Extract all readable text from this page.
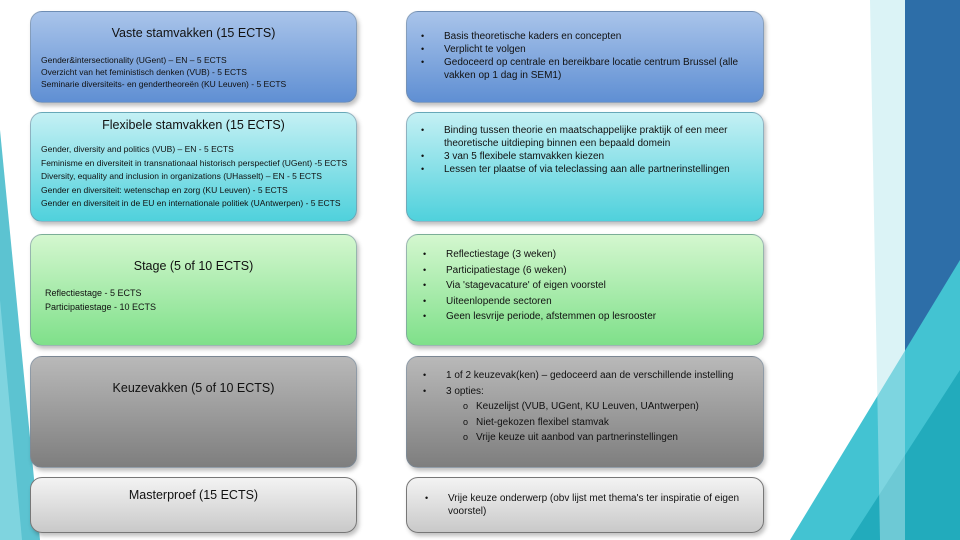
Vaste stamvakken (15 ECTS)
Gender&intersectionality (UGent) – EN – 5 ECTS
Overzicht van het feministisch denken (VUB) - 5 ECTS
Seminarie diversiteits- en gendertheoreën (KU Leuven) - 5 ECTS
• Basis theoretische kaders en concepten
• Verplicht te volgen
• Gedoceerd op centrale en bereikbare locatie centrum Brussel (alle vakken op 1 dag in SEM1)
Flexibele stamvakken (15 ECTS)
Gender, diversity and politics (VUB) – EN - 5 ECTS
Feminisme en diversiteit in transnationaal historisch perspectief (UGent) -5 ECTS
Diversity, equality and inclusion in organizations (UHasselt) – EN - 5 ECTS
Gender en diversiteit: wetenschap en zorg (KU Leuven) - 5 ECTS
Gender en diversiteit in de EU en internationale politiek (UAntwerpen) - 5 ECTS
• Binding tussen theorie en maatschappelijke praktijk of een meer theoretische uitdieping binnen een bepaald domein
• 3 van 5 flexibele stamvakken kiezen
• Lessen ter plaatse of via teleclassing aan alle partnerinstellingen
Stage (5 of 10 ECTS)
Reflectiestage - 5 ECTS
Participatiestage - 10 ECTS
• Reflectiestage (3 weken)
• Participatiestage (6 weken)
• Via 'stagevacature' of eigen voorstel
• Uiteenlopende sectoren
• Geen lesvrije periode, afstemmen op lesrooster
Keuzevakken (5 of 10 ECTS)
• 1 of 2 keuzevak(ken) – gedoceerd aan de verschillende instelling
• 3 opties:
o Keuzelijst (VUB, UGent, KU Leuven, UAntwerpen)
o Niet-gekozen flexibel stamvak
o Vrije keuze uit aanbod van partnerinstellingen
Masterproef (15 ECTS)
•	Vrije keuze onderwerp (obv lijst met thema's ter inspiratie of eigen voorstel)
